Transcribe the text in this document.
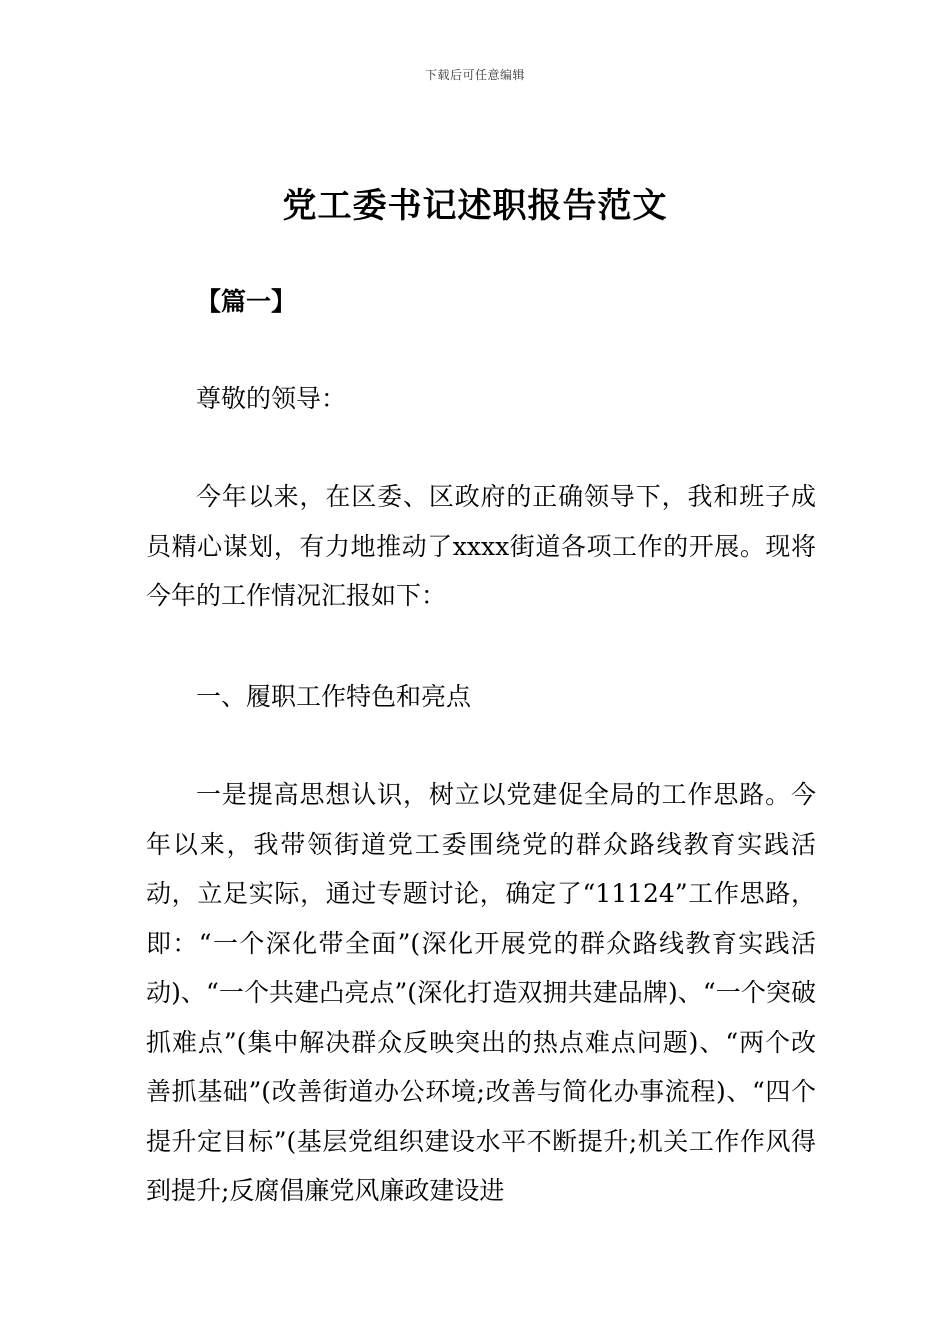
下载后可任意编辑
党工委书记述职报告范文
【篇一】

尊敬的领导：

今年以来，在区委、区政府的正确领导下，我和班子成员精心谋划，有力地推动了xxxx街道各项工作的开展。现将今年的工作情况汇报如下：

一、履职工作特色和亮点

一是提高思想认识，树立以党建促全局的工作思路。今年以来，我带领街道党工委围绕党的群众路线教育实践活动，立足实际，通过专题讨论，确定了“11124”工作思路，即：“一个深化带全面”(深化开展党的群众路线教育实践活动)、“一个共建凸亮点”(深化打造双拥共建品牌)、“一个突破抓难点”(集中解决群众反映突出的热点难点问题)、“两个改善抓基础”(改善街道办公环境;改善与简化办事流程)、“四个提升定目标”(基层党组织建设水平不断提升;机关工作作风得到提升;反腐倡廉党风廉政建设进
